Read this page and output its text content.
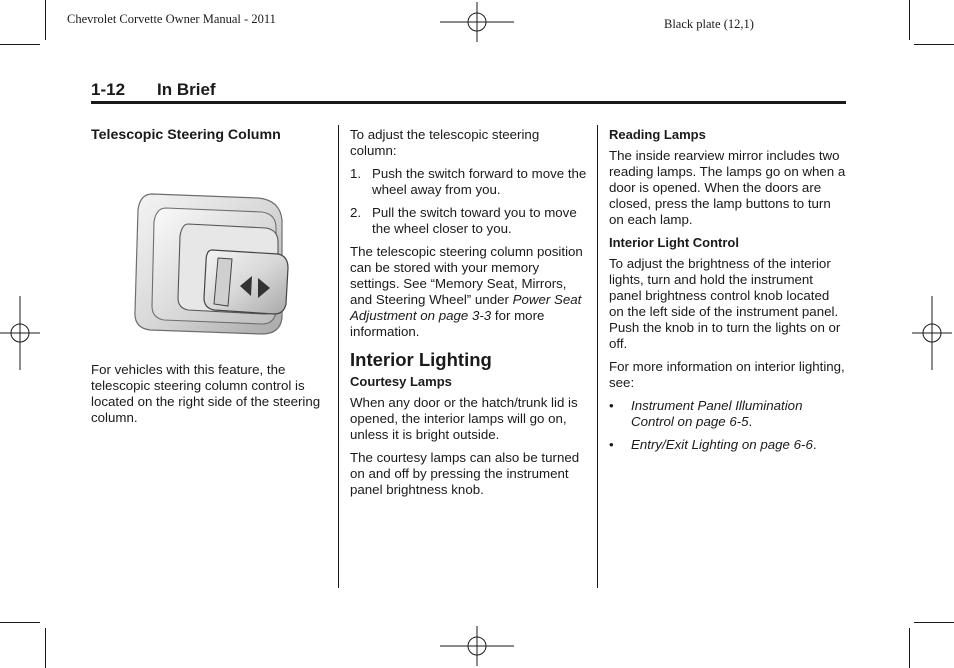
Chevrolet Corvette Owner Manual - 2011	Black plate (12,1)
1-12 In Brief
Telescopic Steering Column

For vehicles with this feature, the telescopic steering column control is located on the right side of the steering column.

To adjust the telescopic steering column:

1. Push the switch forward to move the wheel away from you.
2. Pull the switch toward you to move the wheel closer to you.

The telescopic steering column position can be stored with your memory settings. See “Memory Seat, Mirrors, and Steering Wheel” under Power Seat Adjustment on page 3-3 for more information.

Interior Lighting
Courtesy Lamps

When any door or the hatch/trunk lid is opened, the interior lamps will go on, unless it is bright outside.

The courtesy lamps can also be turned on and off by pressing the instrument panel brightness knob.

Reading Lamps

The inside rearview mirror includes two reading lamps. The lamps go on when a door is opened. When the doors are closed, press the lamp buttons to turn on each lamp.

Interior Light Control

To adjust the brightness of the interior lights, turn and hold the instrument panel brightness control knob located on the left side of the instrument panel. Push the knob in to turn the lights on or off.

For more information on interior lighting, see:

• Instrument Panel Illumination Control on page 6-5.
• Entry/Exit Lighting on page 6-6.
